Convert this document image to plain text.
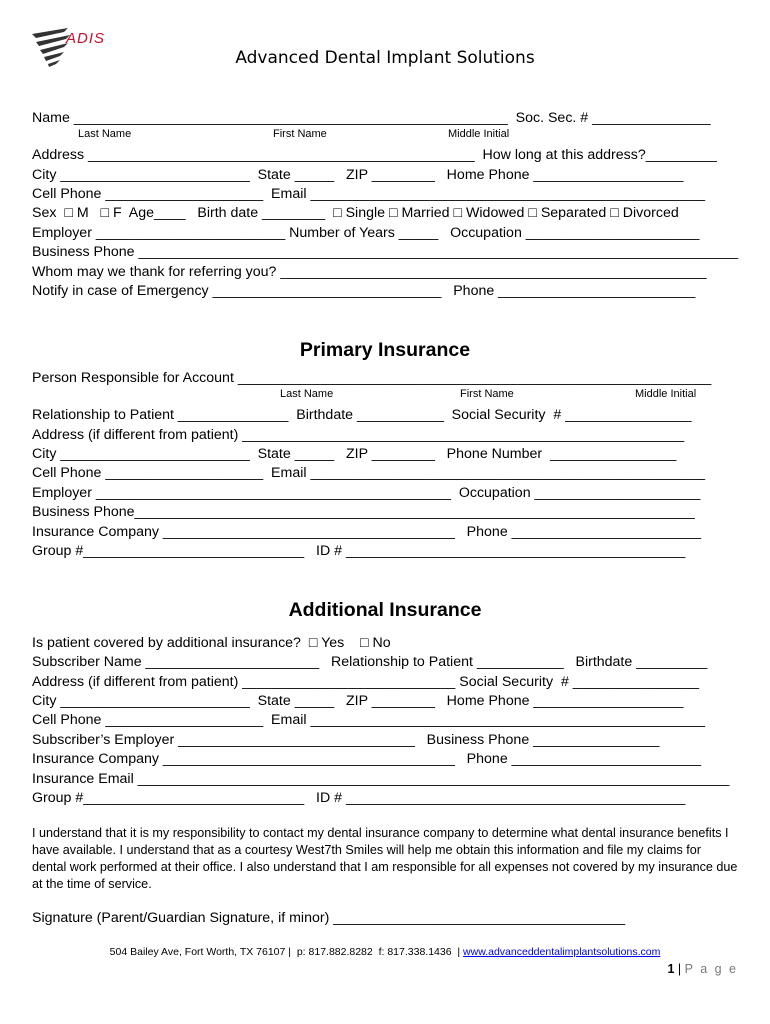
ADIS
Advanced Dental Implant Solutions
Name _______________________________________________________  Soc. Sec. # _______________
Last Name	First Name	Middle Initial
Address _________________________________________________  How long at this address?_________
City ________________________  State _____   ZIP ________   Home Phone ___________________
Cell Phone ____________________  Email __________________________________________________
Sex  □ M   □ F  Age____   Birth date ________  □ Single □ Married □ Widowed □ Separated □ Divorced
Employer ________________________ Number of Years _____   Occupation ______________________
Business Phone ____________________________________________________________________________
Whom may we thank for referring you? ______________________________________________________
Notify in case of Emergency _____________________________   Phone _________________________
Primary Insurance
Person Responsible for Account ____________________________________________________________
Last Name	First Name	Middle Initial
Relationship to Patient ______________  Birthdate ___________  Social Security  # ________________
Address (if different from patient) ________________________________________________________
City ________________________  State _____   ZIP ________   Phone Number  ________________
Cell Phone ____________________  Email __________________________________________________
Employer _____________________________________________  Occupation _____________________
Business Phone_______________________________________________________________________
Insurance Company _____________________________________   Phone ________________________
Group #____________________________   ID # ___________________________________________
Additional Insurance
Is patient covered by additional insurance?  □ Yes    □ No
Subscriber Name ______________________   Relationship to Patient ___________   Birthdate _________
Address (if different from patient) ___________________________ Social Security  # ________________
City ________________________  State _____   ZIP ________   Home Phone ___________________
Cell Phone ____________________  Email __________________________________________________
Subscriber’s Employer ______________________________   Business Phone ________________
Insurance Company _____________________________________   Phone ________________________
Insurance Email ___________________________________________________________________________
Group #____________________________   ID # ___________________________________________
I understand that it is my responsibility to contact my dental insurance company to determine what dental insurance benefits I have available. I understand that as a courtesy West7th Smiles will help me obtain this information and file my claims for dental work performed at their office. I also understand that I am responsible for all expenses not covered by my insurance due at the time of service.
Signature (Parent/Guardian Signature, if minor) _____________________________________
504 Bailey Ave, Fort Worth, TX 76107 |  p: 817.882.8282  f: 817.338.1436  | www.advanceddentalimplantsolutions.com
1 | P a g e
